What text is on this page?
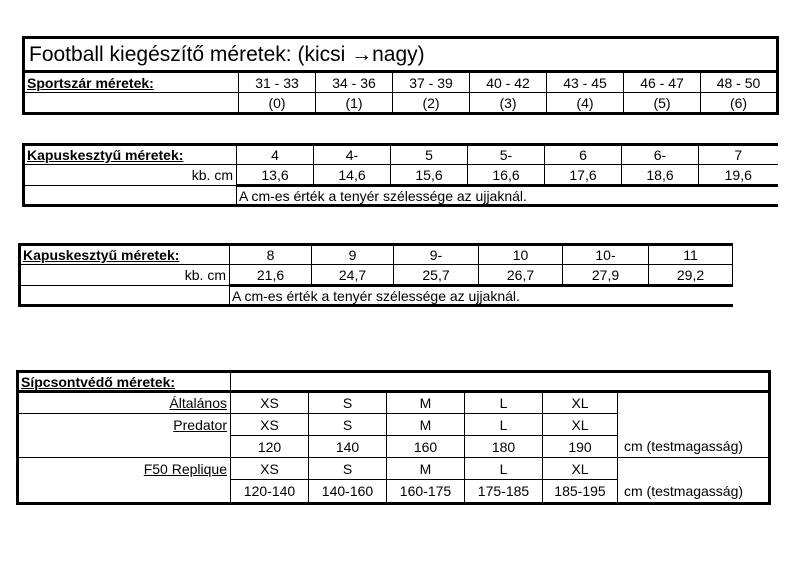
Football kiegészítő méretek: (kicsi →nagy)							
Sportszár méretek:	31 - 33	34 - 36	37 - 39	40 - 42	43 - 45	46 - 47	48 - 50
	(0)	(1)	(2)	(3)	(4)	(5)	(6)
Kapuskesztyű méretek:	4	4-	5	5-	6	6-	7
kb. cm	13,6	14,6	15,6	16,6	17,6	18,6	19,6
	A cm-es érték a tenyér szélessége az ujjaknál.						
Kapuskesztyű méretek:	8	9	9-	10	10-	11
kb. cm	21,6	24,7	25,7	26,7	27,9	29,2
	A cm-es érték a tenyér szélessége az ujjaknál.					
Sípcsontvédő méretek:						
Általános	XS	S	M	L	XL	
Predator	XS	S	M	L	XL	
	120	140	160	180	190	cm (testmagasság)
F50 Replique	XS	S	M	L	XL	
	120-140	140-160	160-175	175-185	185-195	cm (testmagasság)
